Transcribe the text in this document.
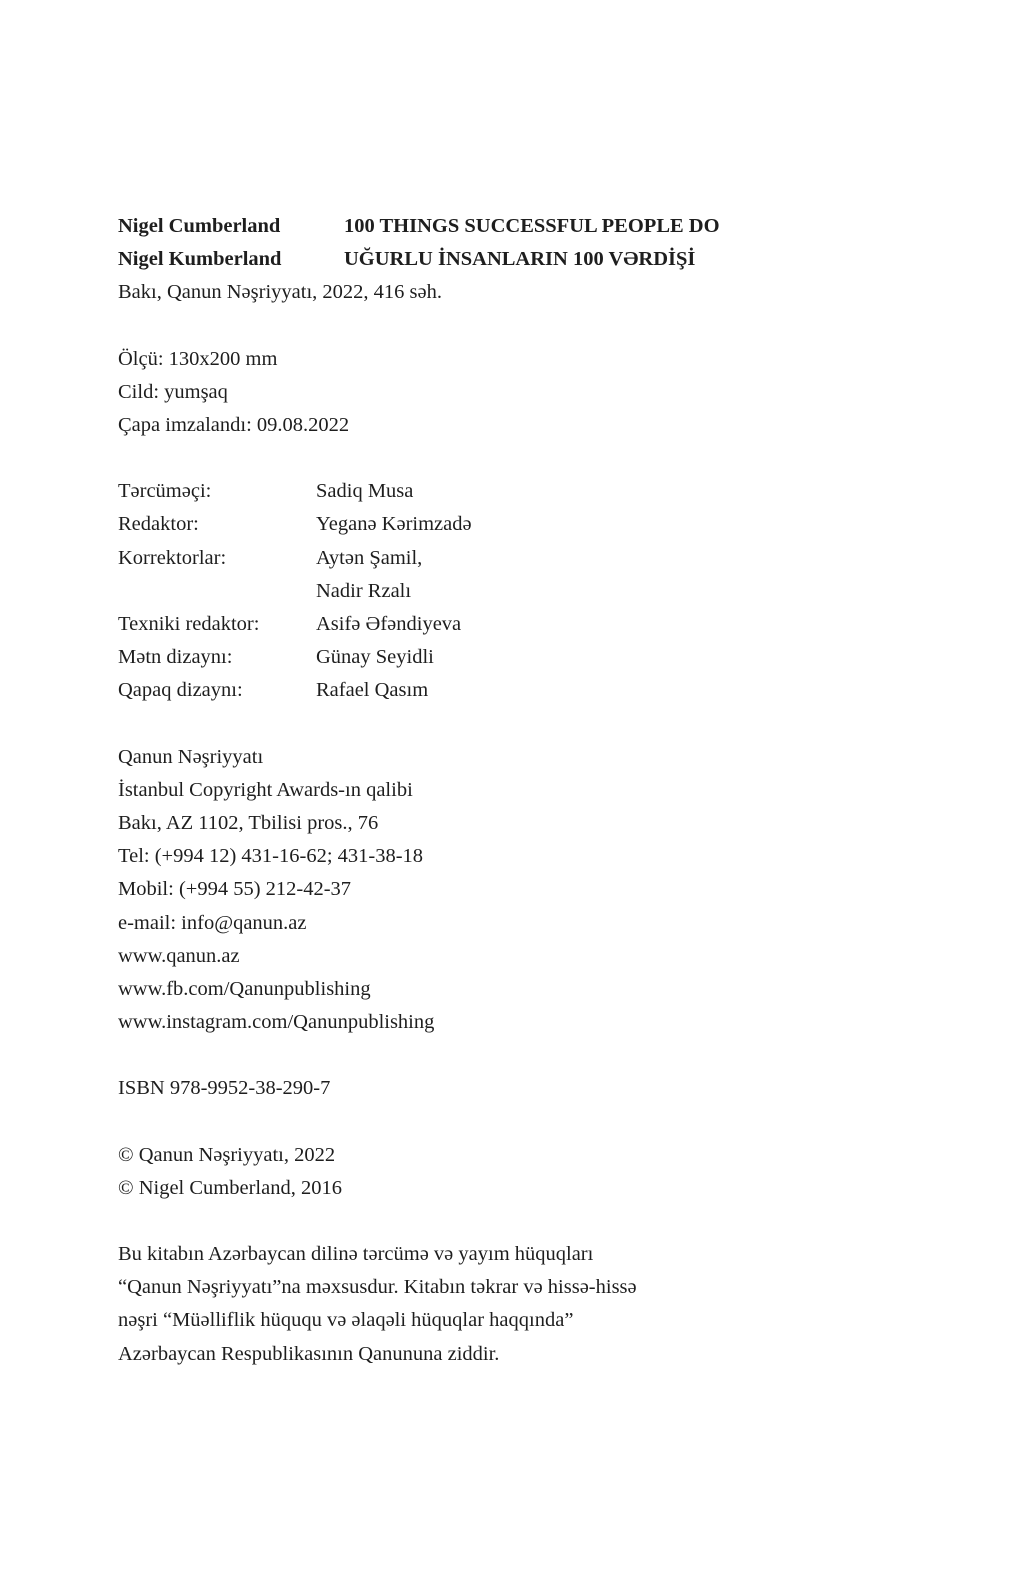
Nigel Cumberland	100 THINGS SUCCESSFUL PEOPLE DO
Nigel Kumberland	UĞURLU İNSANLARIN 100 VƏRDİŞİ
Bakı, Qanun Nəşriyyatı, 2022, 416 səh.
Ölçü: 130x200 mm
Cild: yumşaq
Çapa imzalandı: 09.08.2022
Tərcüməçi:	Sadiq Musa
Redaktor:	Yeganə Kərimzadə
Korrektorlar:	Aytən Şamil,
Nadir Rzalı
Texniki redaktor:	Asifə Əfəndiyeva
Mətn dizaynı:	Günay Seyidli
Qapaq dizaynı:	Rafael Qasım
Qanun Nəşriyyatı
İstanbul Copyright Awards-ın qalibi
Bakı, AZ 1102, Tbilisi pros., 76
Tel: (+994 12) 431-16-62; 431-38-18
Mobil: (+994 55) 212-42-37
e-mail: info@qanun.az
www.qanun.az
www.fb.com/Qanunpublishing
www.instagram.com/Qanunpublishing
ISBN 978-9952-38-290-7
© Qanun Nəşriyyatı, 2022
© Nigel Cumberland, 2016
Bu kitabın Azərbaycan dilinə tərcümə və yayım hüquqları
“Qanun Nəşriyyatı”na məxsusdur. Kitabın təkrar və hissə-hissə
nəşri “Müəlliflik hüququ və əlaqəli hüquqlar haqqında”
Azərbaycan Respublikasının Qanununa ziddir.
